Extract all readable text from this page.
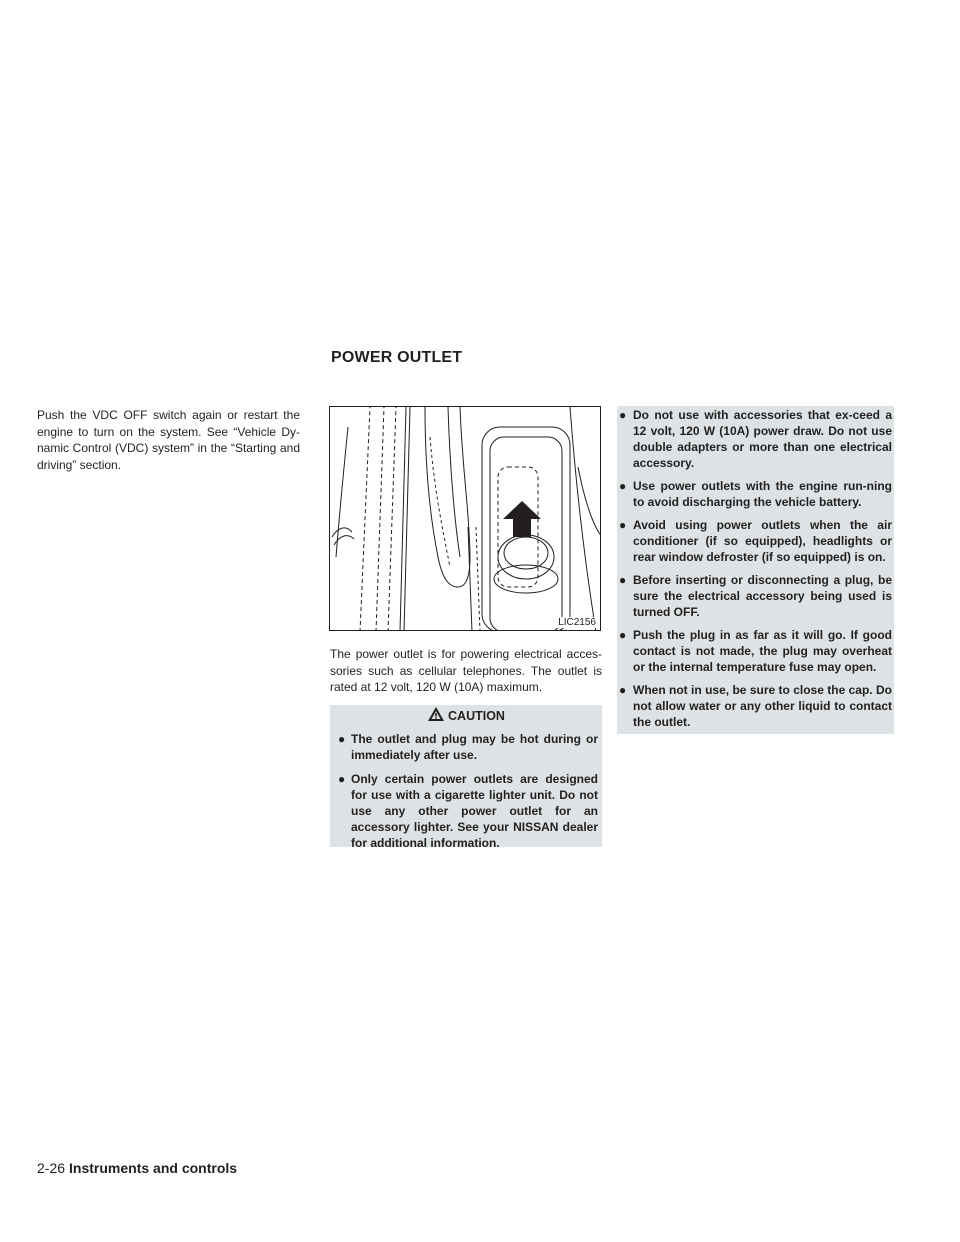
POWER OUTLET
Push the VDC OFF switch again or restart the engine to turn on the system. See “Vehicle Dy-namic Control (VDC) system” in the “Starting and driving” section.
LIC2156

The power outlet is for powering electrical acces-sories such as cellular telephones. The outlet is rated at 12 volt, 120 W (10A) maximum.

CAUTION
● The outlet and plug may be hot during or immediately after use.
● Only certain power outlets are designed for use with a cigarette lighter unit. Do not use any other power outlet for an accessory lighter. See your NISSAN dealer for additional information.
● Do not use with accessories that ex-ceed a 12 volt, 120 W (10A) power draw. Do not use double adapters or more than one electrical accessory.
● Use power outlets with the engine run-ning to avoid discharging the vehicle battery.
● Avoid using power outlets when the air conditioner (if so equipped), headlights or rear window defroster (if so equipped) is on.
● Before inserting or disconnecting a plug, be sure the electrical accessory being used is turned OFF.
● Push the plug in as far as it will go. If good contact is not made, the plug may overheat or the internal temperature fuse may open.
● When not in use, be sure to close the cap. Do not allow water or any other liquid to contact the outlet.
2-26 Instruments and controls
